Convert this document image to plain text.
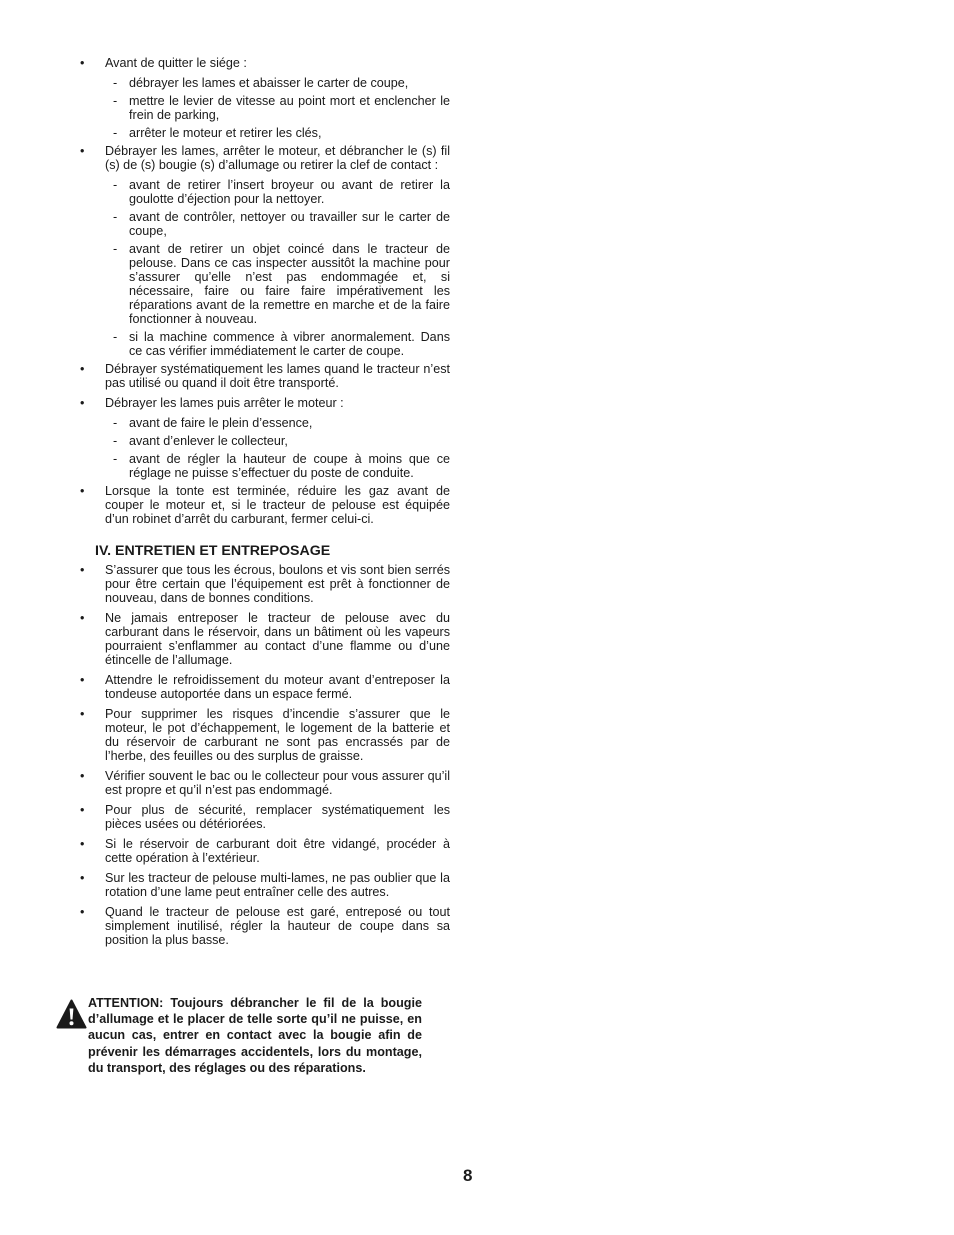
• Avant de quitter le siége :
- débrayer les lames et abaisser le carter de coupe,
- mettre le levier de vitesse au point mort et enclencher le frein de parking,
- arrêter le moteur et retirer les clés,
• Débrayer les lames, arrêter le moteur, et débrancher le (s) fil (s) de (s) bougie (s) d’allumage ou retirer la clef de contact :
- avant de retirer l’insert broyeur ou avant de retirer la goulotte d’éjection pour la nettoyer.
- avant de contrôler, nettoyer ou travailler sur le carter de coupe,
- avant de retirer un objet coincé dans le tracteur de pelouse. Dans ce cas inspecter aussitôt la machine pour s’assurer qu’elle n’est pas endommagée et, si nécessaire, faire ou faire faire impérativement les réparations avant de la remettre en marche et de la faire fonctionner à nouveau.
- si la machine commence à vibrer anormalement. Dans ce cas vérifier immédiatement le carter de coupe.
• Débrayer systématiquement les lames quand le tracteur n’est pas utilisé ou quand il doit être transporté.
• Débrayer les lames puis arrêter le moteur :
- avant de faire le plein d’essence,
- avant d’enlever le collecteur,
- avant de régler la hauteur de coupe à moins que ce réglage ne puisse s’effectuer du poste de conduite.
• Lorsque la tonte est terminée, réduire les gaz avant de couper le moteur et, si le tracteur de pelouse est équipée d’un robinet d’arrêt du carburant, fermer celui-ci.
IV. ENTRETIEN ET ENTREPOSAGE
• S’assurer que tous les écrous, boulons et vis sont bien serrés pour être certain que l’équipement est prêt à fonctionner de nouveau, dans de bonnes conditions.
• Ne jamais entreposer le tracteur de pelouse avec du carburant dans le réservoir, dans un bâtiment où les vapeurs pourraient s’enflammer au contact d’une flamme ou d’une étincelle de l’allumage.
• Attendre le refroidissement du moteur avant d’entreposer la tondeuse autoportée dans un espace fermé.
• Pour supprimer les risques d’incendie s’assurer que le moteur, le pot d’échappement, le logement de la batterie et du réservoir de carburant ne sont pas encrassés par de l’herbe, des feuilles ou des surplus de graisse.
• Vérifier souvent le bac ou le collecteur pour vous assurer qu’il est propre et qu’il n’est pas endommagé.
• Pour plus de sécurité, remplacer systématiquement les pièces usées ou détériorées.
• Si le réservoir de carburant doit être vidangé, procéder à cette opération à l’extérieur.
• Sur les tracteur de pelouse multi-lames, ne pas oublier que la rotation d’une lame peut entraîner celle des autres.
• Quand le tracteur de pelouse est garé, entreposé ou tout simplement inutilisé, régler la hauteur de coupe dans sa position la plus basse.
ATTENTION: Toujours débrancher le fil de la bougie d’allumage et le placer de telle sorte qu’il ne puisse, en aucun cas, entrer en contact avec la bougie afin de prévenir les démarrages accidentels, lors du montage, du transport, des réglages ou des réparations.
8
